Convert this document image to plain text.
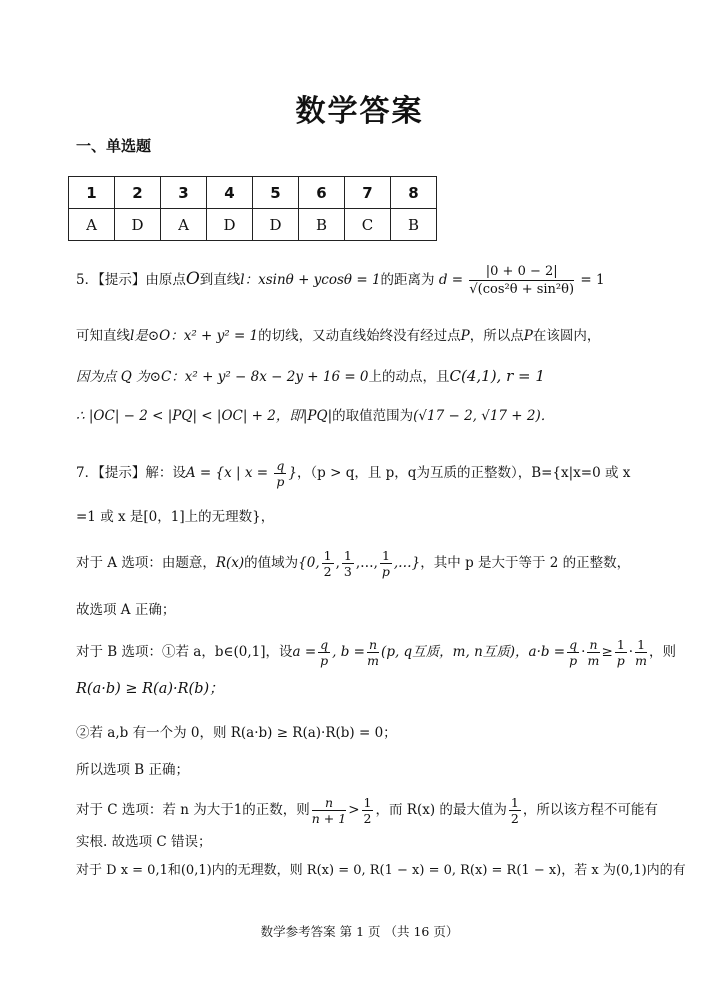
数学答案
一、单选题
1	2	3	4	5	6	7	8
A	D	A	D	D	B	C	B
5．【提示】由原点O到直线l：xsinθ + ycosθ = 1的距离为 $d = \frac{|0 + 0 - 2|}{\text{√(cos²θ + sin²θ)}} = 1$
可知直线l是⊙O：x² + y² = 1的切线，又动直线始终没有经过点P，所以点P在该圆内，
因为点 Q 为⊙C：x² + y² − 8x − 2y + 16 = 0上的动点，且C(4,1), r = 1
∴ |OC| − 2 < |PQ| < |OC| + 2，即|PQ|的取值范围为(√17 − 2, √17 + 2)．
7．【提示】解：设A = {x | $x = \frac{q}{p}$ }，（p > q，且 p，q为互质的正整数），B={x|x=0 或 x
=1 或 x 是[0，1]上的无理数}，
对于 A 选项：由题意，R(x)的值域为{0, $\frac{1}{2}$ , $\frac{1}{3}$ ,…, $\frac{1}{p}$ ,…}，其中 p 是大于等于 2 的正整数，
故选项 A 正确；
对于 B 选项：①若 a，b∈(0,1]，设$a = \frac{q}{p}$ , $b = \frac{n}{m} (p$, q互质，m, n互质)，$a\cdot b = \frac{q}{p} \cdot \frac{n}{m} \ge \frac{1}{p} \cdot \frac{1}{m}$ ，则
R(a·b) ≥ R(a)·R(b)；
②若 a,b 有一个为 0，则 R(a·b) ≥ R(a)·R(b) = 0；
所以选项 B 正确；
对于 C 选项：若 n 为大于1的正数，则 $\frac{n}{n + 1} > \frac{1}{2}$ ，而 R(x) 的最大值为 $\frac{1}{2}$ ，所以该方程不可能有
实根. 故选项 C 错误；
对于 D x = 0,1和(0,1)内的无理数，则 R(x) = 0, R(1 − x) = 0, R(x) = R(1 − x)，若 x 为(0,1)内的有
数学参考答案 第 1 页 （共 16 页）
